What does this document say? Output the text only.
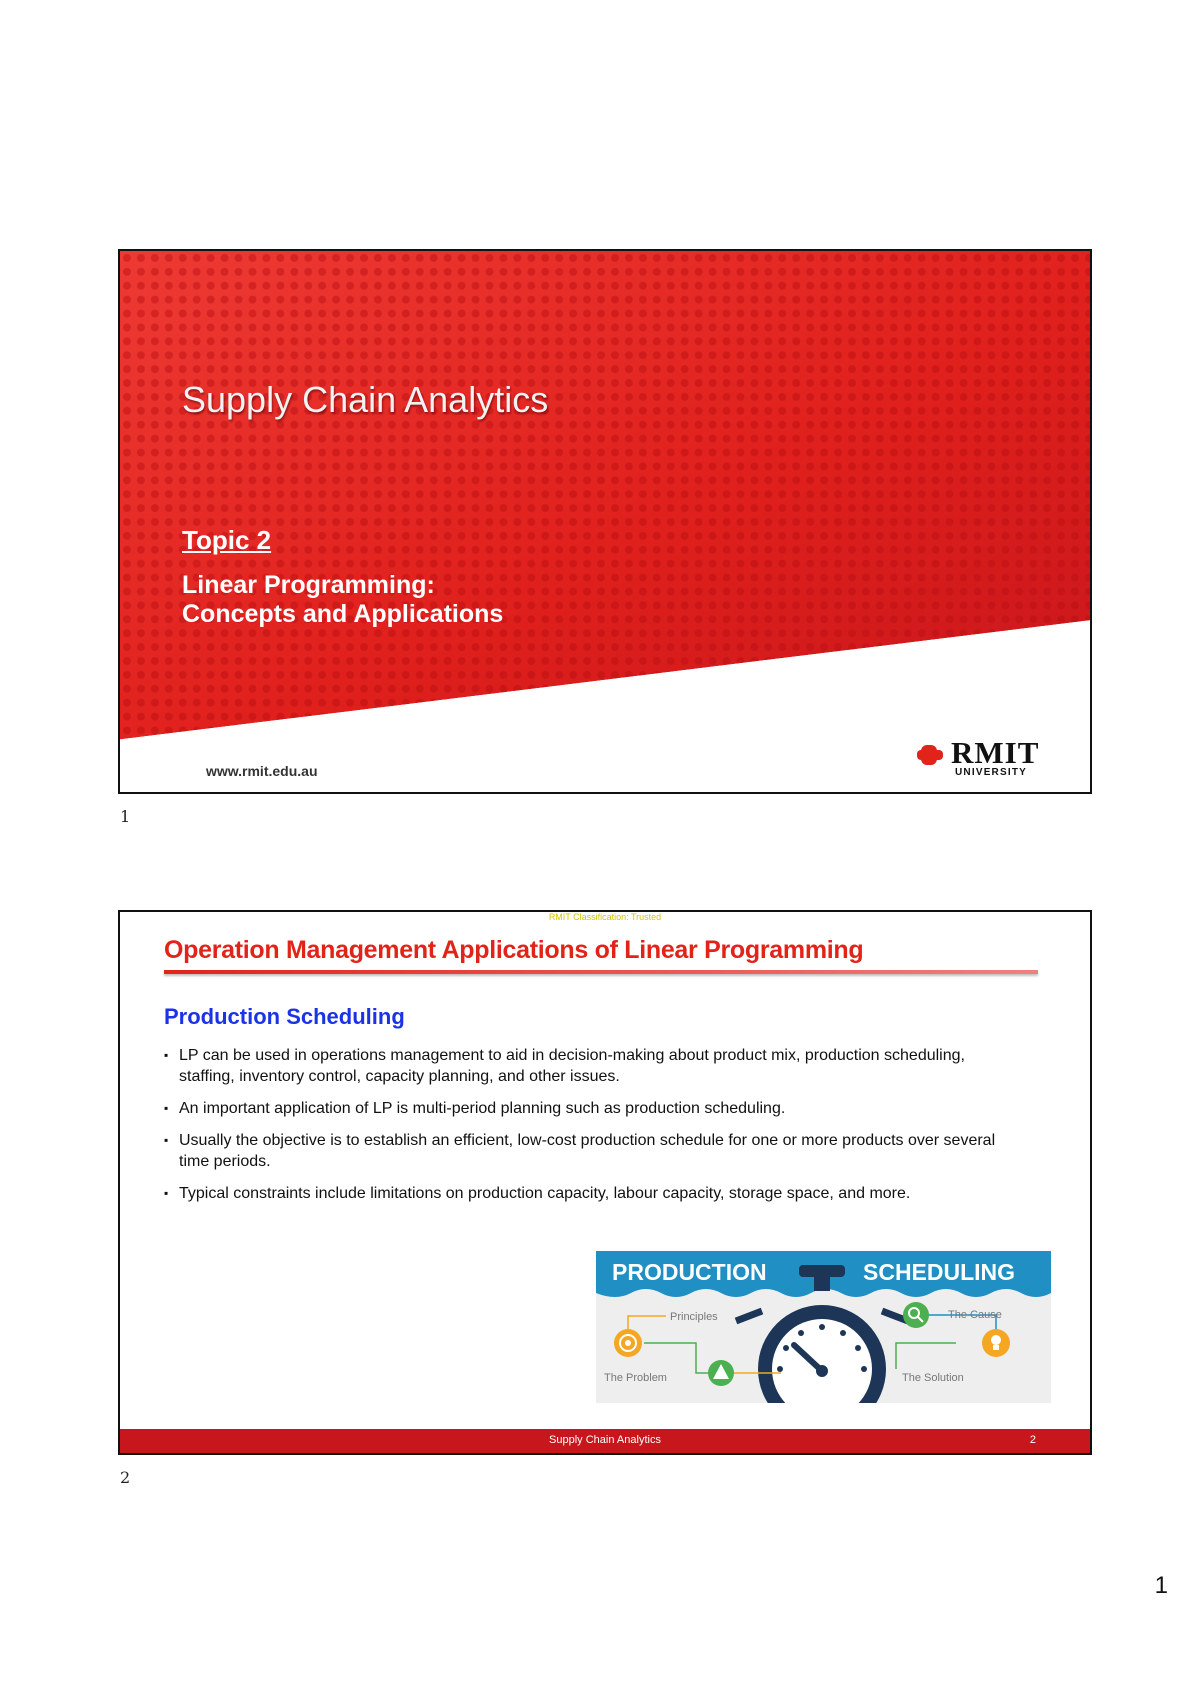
Supply Chain Analytics
Topic 2
Linear Programming:
Concepts and Applications
www.rmit.edu.au
RMIT
UNIVERSITY
1
RMIT Classification: Trusted
Operation Management Applications of Linear Programming
Production Scheduling
▪ LP can be used in operations management to aid in decision-making about product mix, production scheduling, staffing, inventory control, capacity planning, and other issues.
▪ An important application of LP is multi-period planning such as production scheduling.
▪ Usually the objective is to establish an efficient, low-cost production schedule for one or more products over several time periods.
▪ Typical constraints include limitations on production capacity, labour capacity, storage space, and more.
PRODUCTION	SCHEDULING
Principles	The Cause
The Problem	The Solution
Supply Chain Analytics	2
2
1
